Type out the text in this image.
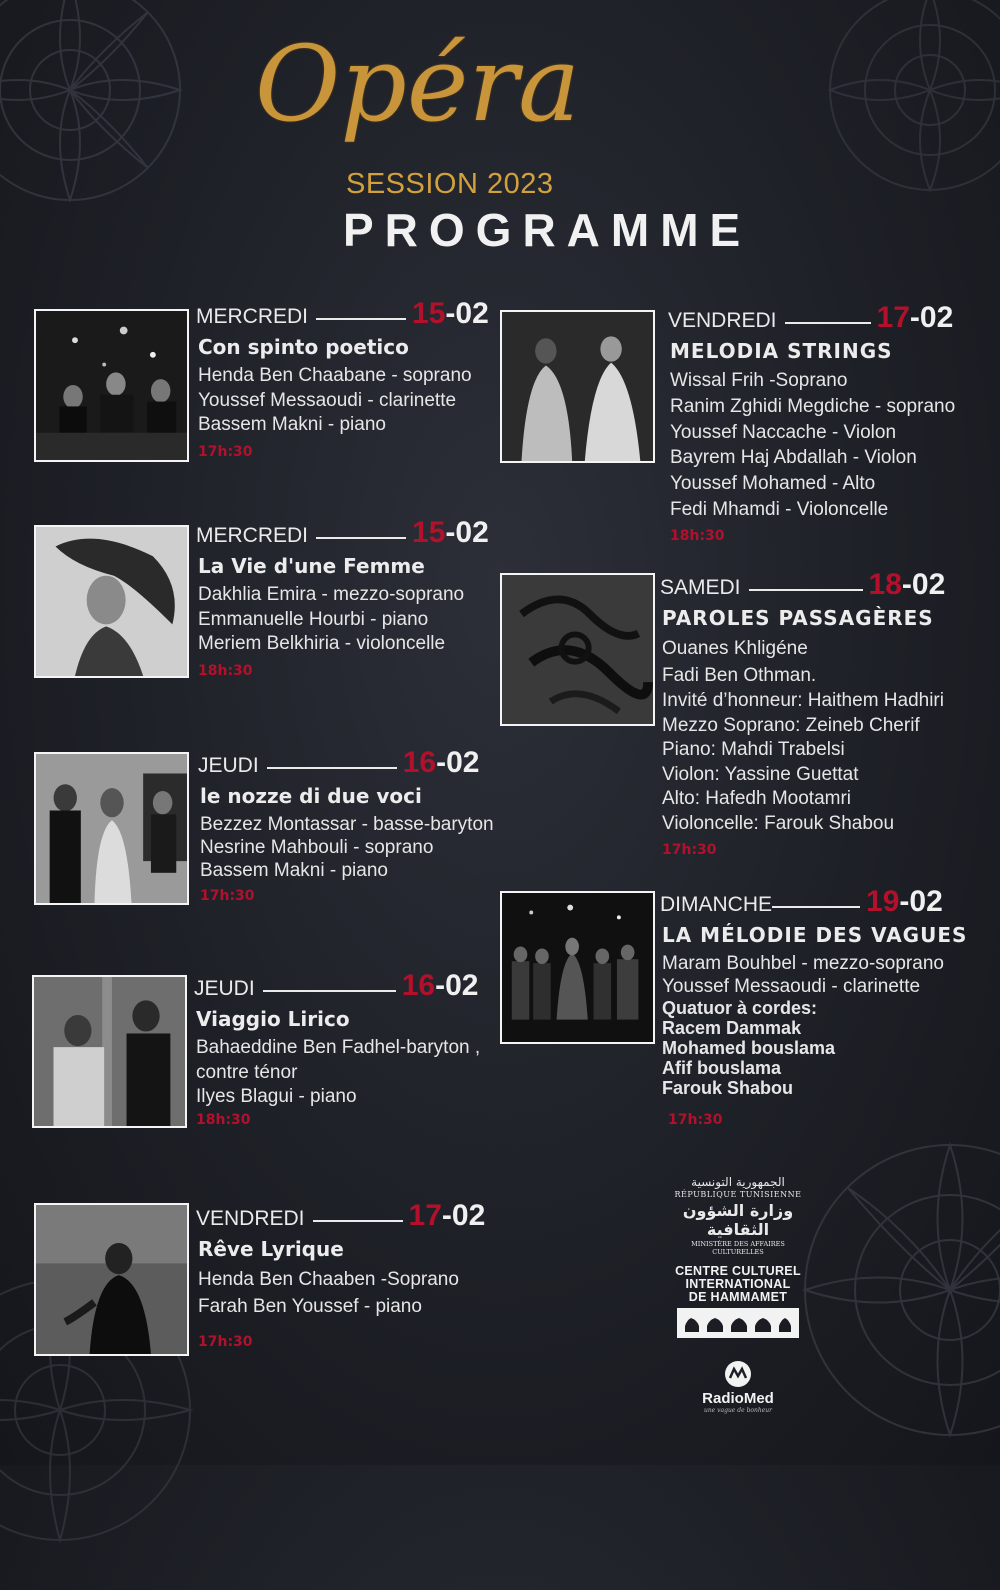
Opéra
SESSION 2023
PROGRAMME
MERCREDI	15 - 02
Con spinto poetico
Henda Ben Chaabane - soprano
Youssef Messaoudi - clarinette
Bassem Makni - piano
17h:30
MERCREDI	15 - 02
La Vie d'une Femme
Dakhlia Emira - mezzo-soprano
Emmanuelle Hourbi - piano
Meriem Belkhiria - violoncelle
18h:30
JEUDI	16 - 02
le nozze di due voci
Bezzez Montassar - basse-baryton
Nesrine Mahbouli - soprano
Bassem Makni - piano
17h:30
JEUDI	16 - 02
Viaggio Lirico
Bahaeddine Ben Fadhel-baryton ,
contre ténor
Ilyes Blagui - piano
18h:30
VENDREDI	17 - 02
Rêve Lyrique
Henda Ben Chaaben -Soprano
Farah Ben Youssef - piano
17h:30
VENDREDI	17 - 02
MELODIA STRINGS
Wissal Frih -Soprano
Ranim Zghidi Megdiche - soprano
Youssef Naccache - Violon
Bayrem Haj Abdallah - Violon
Youssef Mohamed - Alto
Fedi Mhamdi - Violoncelle
18h:30
SAMEDI	18 - 02
PAROLES PASSAGÈRES
Ouanes Khligéne
Fadi Ben Othman.
Invité d’honneur: Haithem Hadhiri
Mezzo Soprano: Zeineb Cherif
Piano: Mahdi Trabelsi
Violon: Yassine Guettat
Alto: Hafedh Mootamri
Violoncelle: Farouk Shabou
17h:30
DIMANCHE	19 - 02
LA MÉLODIE DES VAGUES
Maram Bouhbel - mezzo-soprano
Youssef Messaoudi - clarinette
Quatuor à cordes:
Racem Dammak
Mohamed bouslama
Afif bouslama
Farouk Shabou
17h:30
الجمهورية التونسية
RÉPUBLIQUE TUNISIENNE
وزارة الشؤون الثقافية
MINISTÈRE DES AFFAIRES CULTURELLES
CENTRE CULTUREL
INTERNATIONAL
DE HAMMAMET
RadioMed
une vague de bonheur
